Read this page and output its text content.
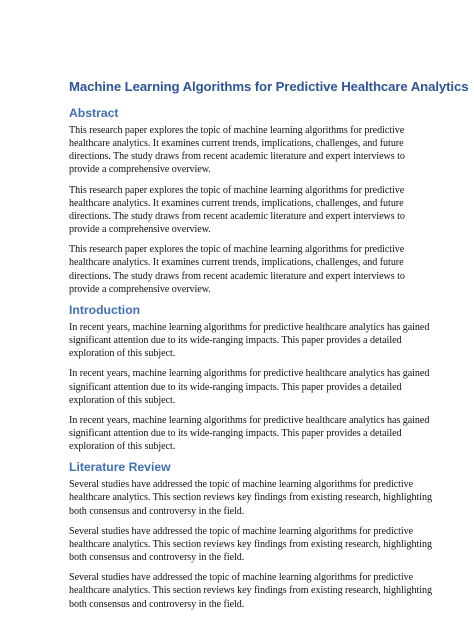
Machine Learning Algorithms for Predictive Healthcare Analytics
Abstract

This research paper explores the topic of machine learning algorithms for predictive
healthcare analytics. It examines current trends, implications, challenges, and future
directions. The study draws from recent academic literature and expert interviews to
provide a comprehensive overview.

This research paper explores the topic of machine learning algorithms for predictive
healthcare analytics. It examines current trends, implications, challenges, and future
directions. The study draws from recent academic literature and expert interviews to
provide a comprehensive overview.

This research paper explores the topic of machine learning algorithms for predictive
healthcare analytics. It examines current trends, implications, challenges, and future
directions. The study draws from recent academic literature and expert interviews to
provide a comprehensive overview.

Introduction

In recent years, machine learning algorithms for predictive healthcare analytics has gained
significant attention due to its wide-ranging impacts. This paper provides a detailed
exploration of this subject.

In recent years, machine learning algorithms for predictive healthcare analytics has gained
significant attention due to its wide-ranging impacts. This paper provides a detailed
exploration of this subject.

In recent years, machine learning algorithms for predictive healthcare analytics has gained
significant attention due to its wide-ranging impacts. This paper provides a detailed
exploration of this subject.

Literature Review

Several studies have addressed the topic of machine learning algorithms for predictive
healthcare analytics. This section reviews key findings from existing research, highlighting
both consensus and controversy in the field.

Several studies have addressed the topic of machine learning algorithms for predictive
healthcare analytics. This section reviews key findings from existing research, highlighting
both consensus and controversy in the field.

Several studies have addressed the topic of machine learning algorithms for predictive
healthcare analytics. This section reviews key findings from existing research, highlighting
both consensus and controversy in the field.
